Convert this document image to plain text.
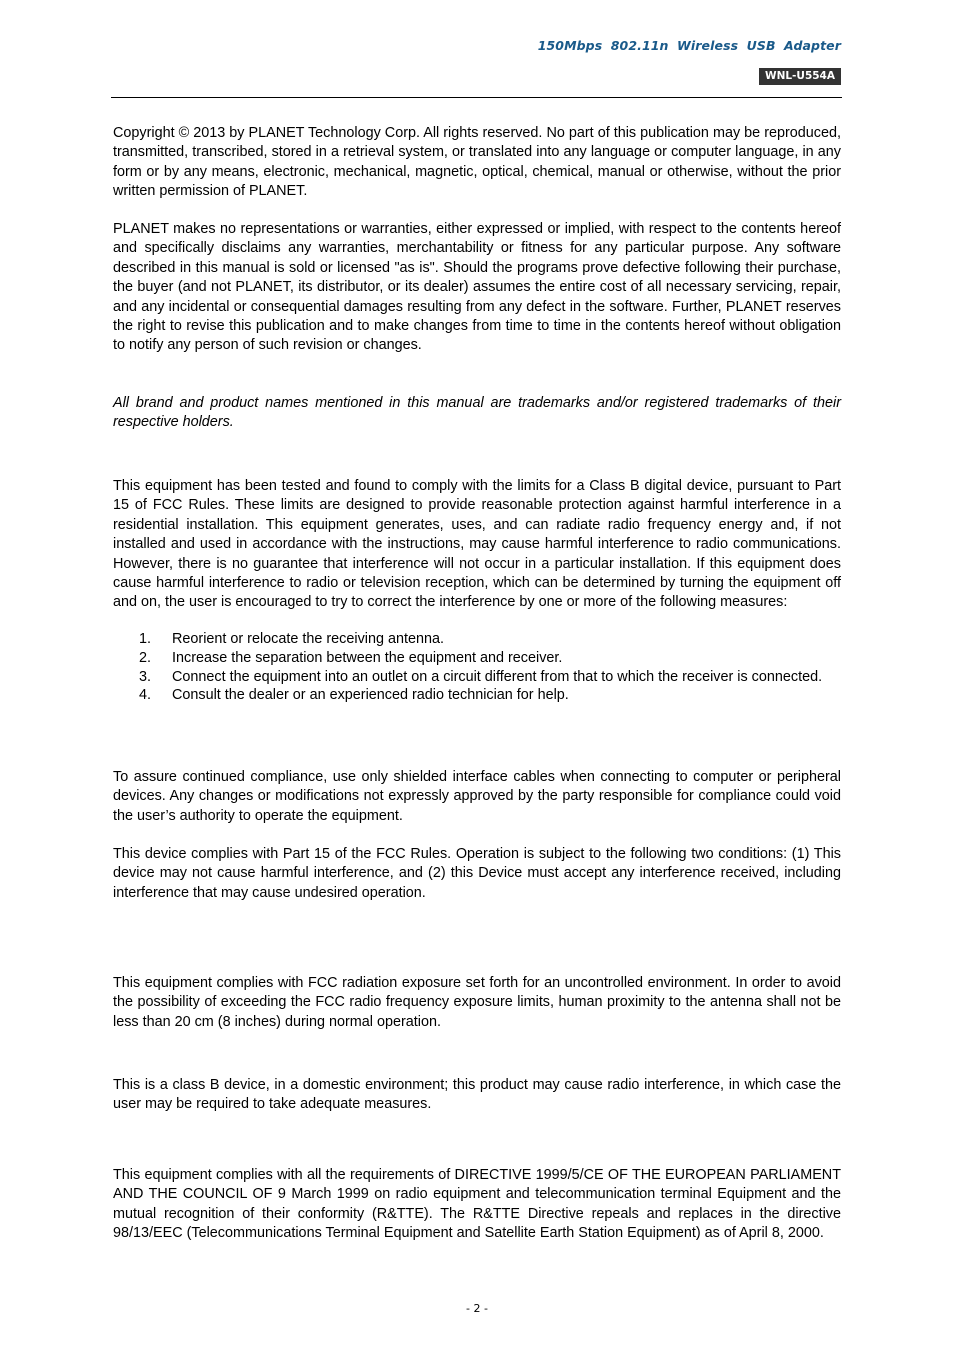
150Mbps 802.11n Wireless USB Adapter
WNL-U554A

Copyright © 2013 by PLANET Technology Corp. All rights reserved. No part of this publication may be reproduced, transmitted, transcribed, stored in a retrieval system, or translated into any language or computer language, in any form or by any means, electronic, mechanical, magnetic, optical, chemical, manual or otherwise, without the prior written permission of PLANET.

PLANET makes no representations or warranties, either expressed or implied, with respect to the contents hereof and specifically disclaims any warranties, merchantability or fitness for any particular purpose. Any software described in this manual is sold or licensed "as is". Should the programs prove defective following their purchase, the buyer (and not PLANET, its distributor, or its dealer) assumes the entire cost of all necessary servicing, repair, and any incidental or consequential damages resulting from any defect in the software. Further, PLANET reserves the right to revise this publication and to make changes from time to time in the contents hereof without obligation to notify any person of such revision or changes.

All brand and product names mentioned in this manual are trademarks and/or registered trademarks of their respective holders.

This equipment has been tested and found to comply with the limits for a Class B digital device, pursuant to Part 15 of FCC Rules. These limits are designed to provide reasonable protection against harmful interference in a residential installation. This equipment generates, uses, and can radiate radio frequency energy and, if not installed and used in accordance with the instructions, may cause harmful interference to radio communications. However, there is no guarantee that interference will not occur in a particular installation. If this equipment does cause harmful interference to radio or television reception, which can be determined by turning the equipment off and on, the user is encouraged to try to correct the interference by one or more of the following measures:

1. Reorient or relocate the receiving antenna.
2. Increase the separation between the equipment and receiver.
3. Connect the equipment into an outlet on a circuit different from that to which the receiver is connected.
4. Consult the dealer or an experienced radio technician for help.

To assure continued compliance, use only shielded interface cables when connecting to computer or peripheral devices. Any changes or modifications not expressly approved by the party responsible for compliance could void the user’s authority to operate the equipment.

This device complies with Part 15 of the FCC Rules. Operation is subject to the following two conditions: (1) This device may not cause harmful interference, and (2) this Device must accept any interference received, including interference that may cause undesired operation.

This equipment complies with FCC radiation exposure set forth for an uncontrolled environment. In order to avoid the possibility of exceeding the FCC radio frequency exposure limits, human proximity to the antenna shall not be less than 20 cm (8 inches) during normal operation.

This is a class B device, in a domestic environment; this product may cause radio interference, in which case the user may be required to take adequate measures.

This equipment complies with all the requirements of DIRECTIVE 1999/5/CE OF THE EUROPEAN PARLIAMENT AND THE COUNCIL OF 9 March 1999 on radio equipment and telecommunication terminal Equipment and the mutual recognition of their conformity (R&TTE). The R&TTE Directive repeals and replaces in the directive 98/13/EEC (Telecommunications Terminal Equipment and Satellite Earth Station Equipment) as of April 8, 2000.

- 2 -
